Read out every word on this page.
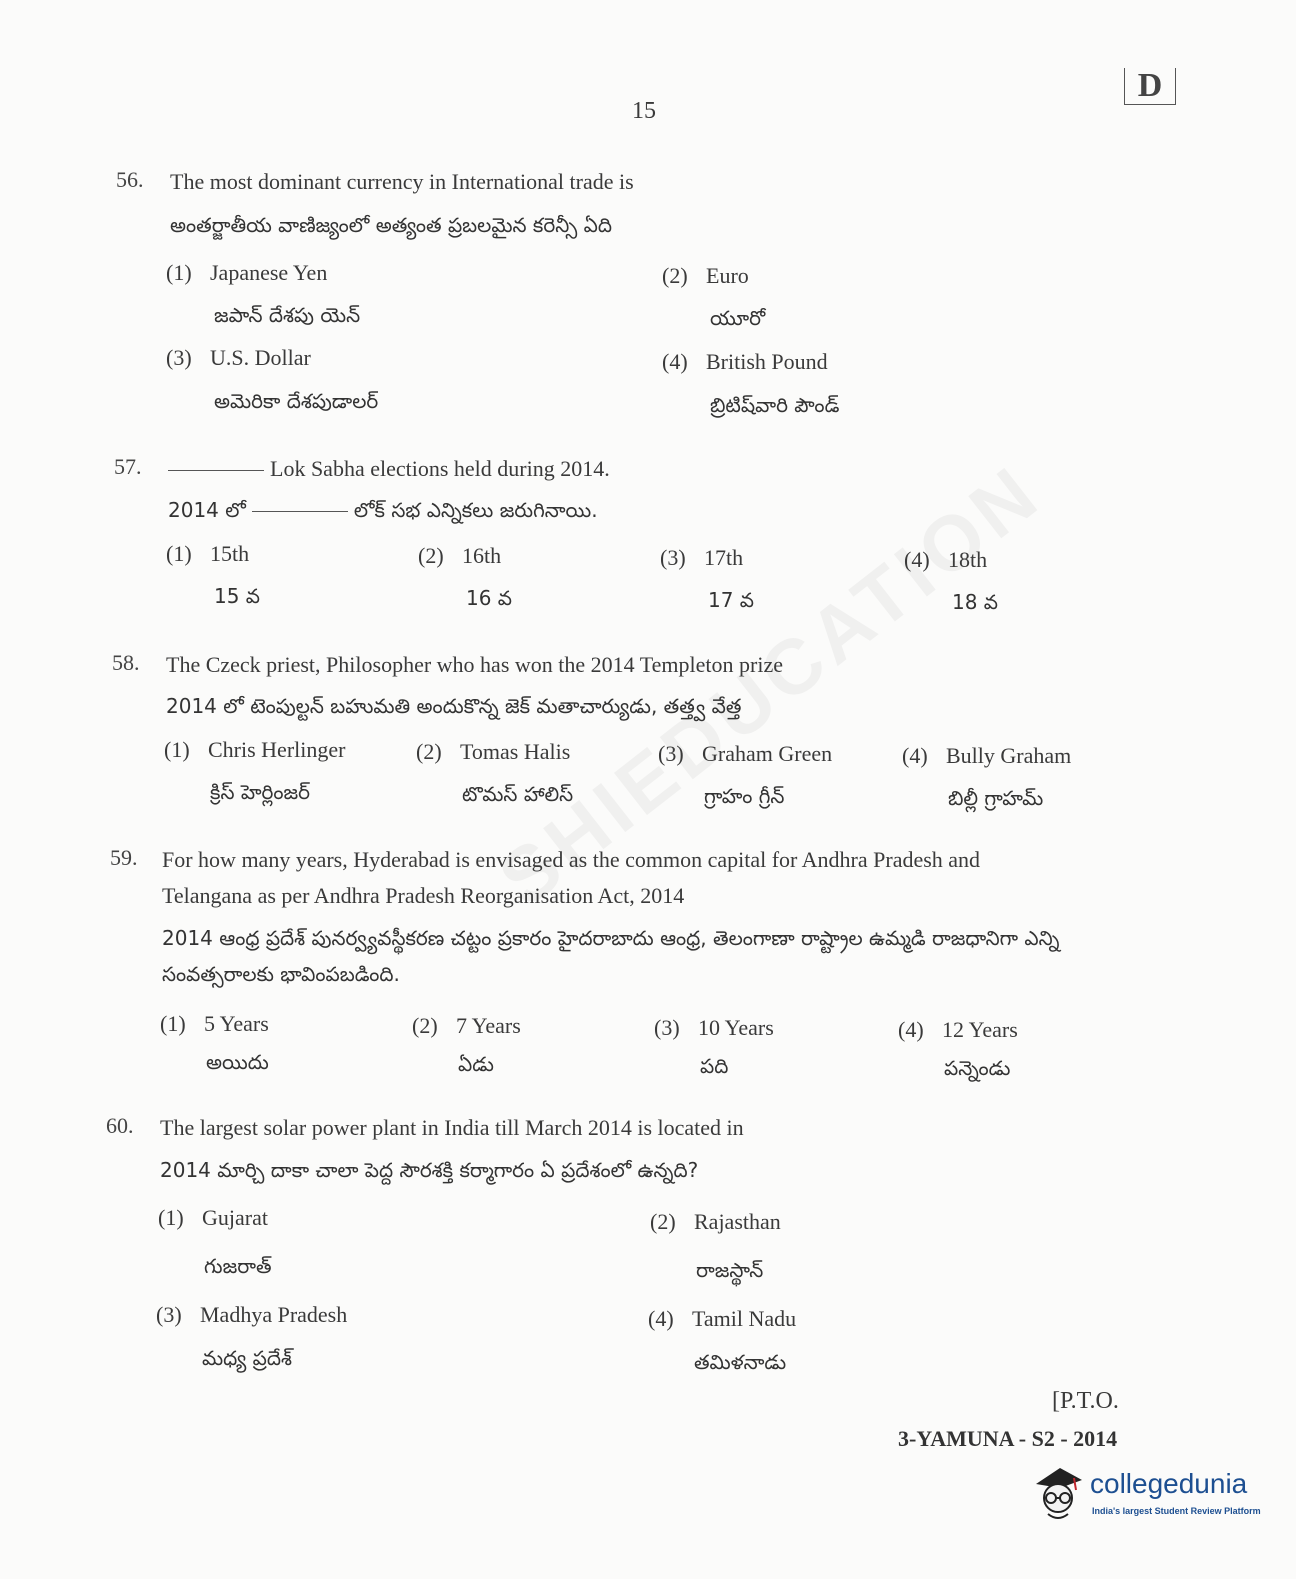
D
15
56. The most dominant currency in International trade is
అంతర్జాతీయ వాణిజ్యంలో అత్యంత ప్రబలమైన కరెన్సీ ఏది
(1) Japanese Yen
జపాన్ దేశపు యెన్
(2) Euro
యూరో
(3) U.S. Dollar
అమెరికా దేశపుడాలర్
(4) British Pound
బ్రిటిష్‌వారి పౌండ్
57.	Lok Sabha elections held during 2014.
2014 లో	లోక్ సభ ఎన్నికలు జరుగినాయి.
(1) 15th
15 వ
(2) 16th
16 వ
(3) 17th
17 వ
(4) 18th
18 వ
58. The Czeck priest, Philosopher who has won the 2014 Templeton prize
2014 లో టెంపుల్టన్ బహుమతి అందుకొన్న జెక్ మతాచార్యుడు, తత్త్వ వేత్త
(1) Chris Herlinger
క్రిస్ హెర్లింజర్
(2) Tomas Halis
టొమస్ హాలిస్
(3) Graham Green
గ్రాహం గ్రీన్
(4) Bully Graham
బిల్లీ గ్రాహమ్
59. For how many years, Hyderabad is envisaged as the common capital for Andhra Pradesh and
Telangana as per Andhra Pradesh Reorganisation Act, 2014
2014 ఆంధ్ర ప్రదేశ్ పునర్వ్యవస్థీకరణ చట్టం ప్రకారం హైదరాబాదు ఆంధ్ర, తెలంగాణా రాష్ట్రాల ఉమ్మడి రాజధానిగా ఎన్ని
సంవత్సరాలకు భావింపబడింది.
(1) 5 Years
అయిదు
(2) 7 Years
ఏడు
(3) 10 Years
పది
(4) 12 Years
పన్నెండు
60. The largest solar power plant in India till March 2014 is located in
2014 మార్చి దాకా చాలా పెద్ద సౌరశక్తి కర్మాగారం ఏ ప్రదేశంలో ఉన్నది?
(1) Gujarat
గుజరాత్
(2) Rajasthan
రాజస్థాన్
(3) Madhya Pradesh
మధ్య ప్రదేశ్
(4) Tamil Nadu
తమిళనాడు
[P.T.O.
3-YAMUNA - S2 - 2014
collegedunia
India's largest Student Review Platform
